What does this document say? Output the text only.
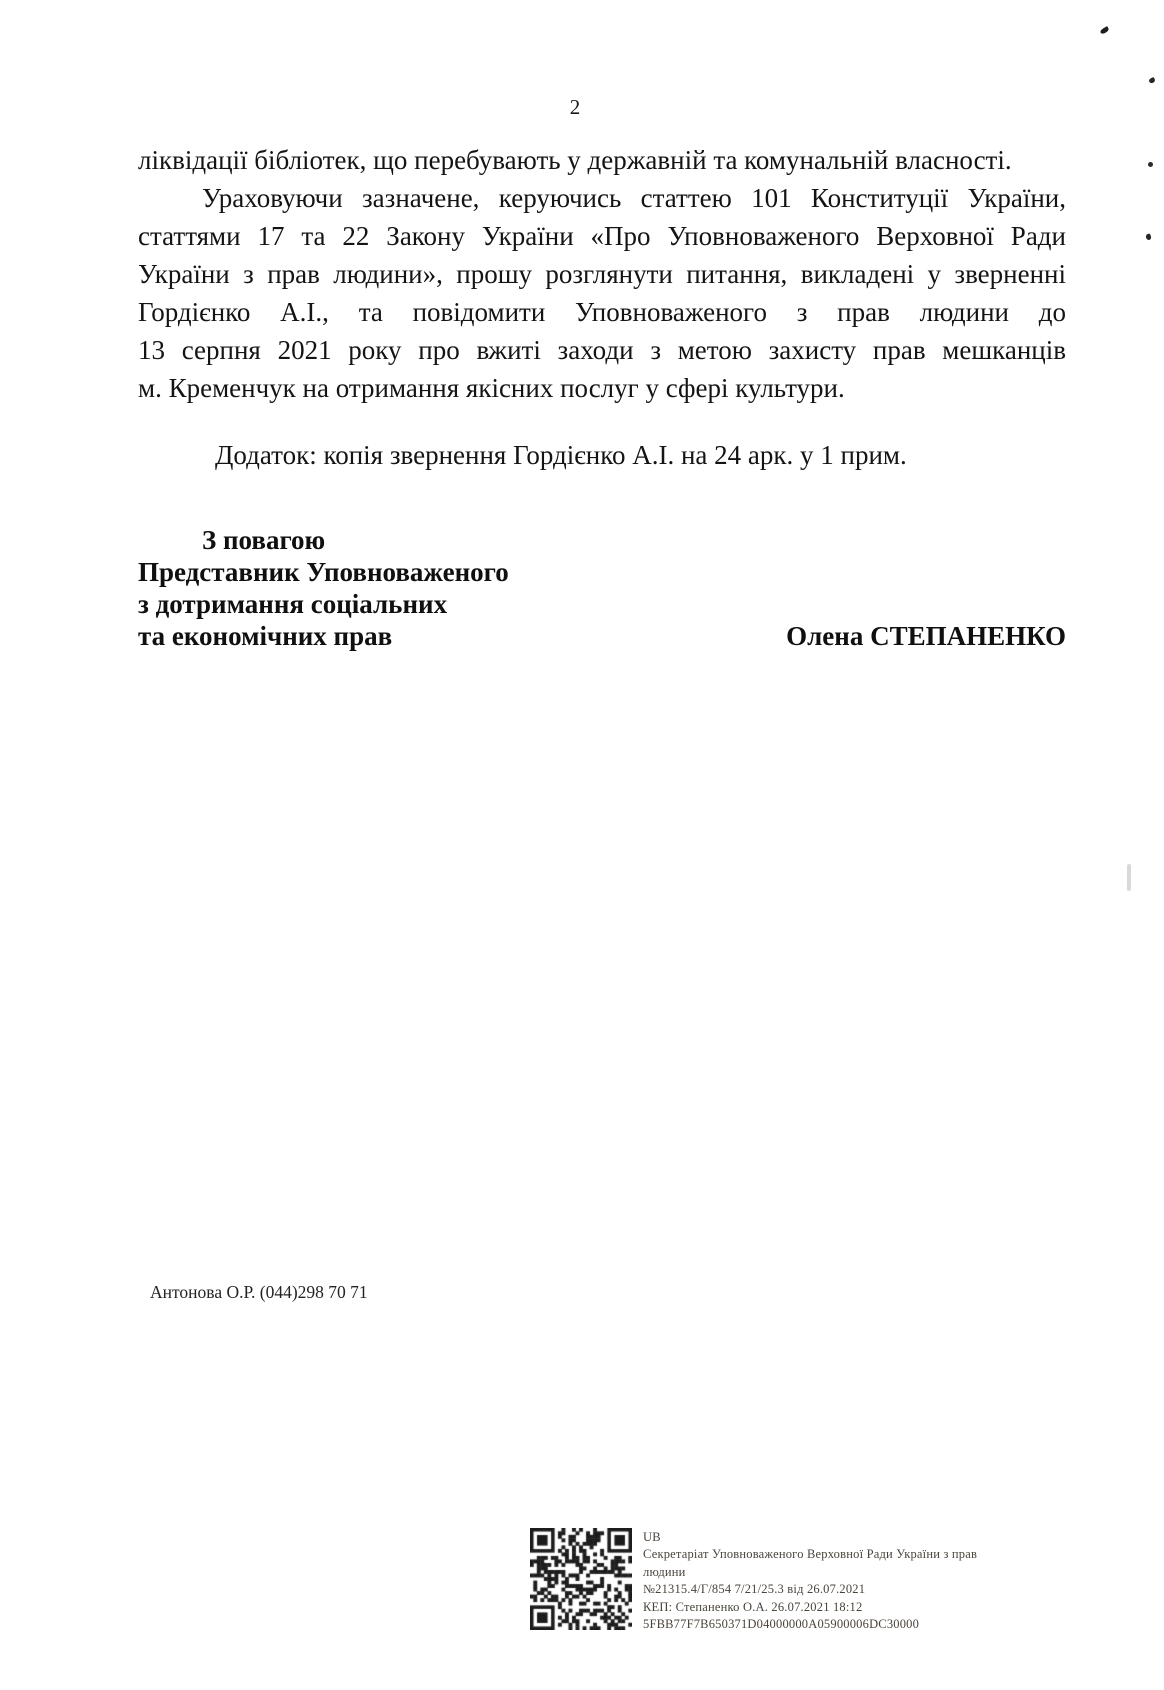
2
ліквідації бібліотек, що перебувають у державній та комунальній власності.
Ураховуючи зазначене, керуючись статтею 101 Конституції України,
статтями 17 та 22 Закону України «Про Уповноваженого Верховної Ради
України з прав людини», прошу розглянути питання, викладені у зверненні
Гордієнко А.І., та повідомити Уповноваженого з прав людини до
13 серпня 2021 року про вжиті заходи з метою захисту прав мешканців
м. Кременчук на отримання якісних послуг у сфері культури.
Додаток: копія звернення Гордієнко А.І. на 24 арк. у 1 прим.
З повагою
Представник Уповноваженого
з дотримання соціальних
та економічних прав	Олена СТЕПАНЕНКО
Антонова О.Р. (044)298 70 71
UB
Секретаріат Уповноваженого Верховної Ради України з прав
людини
№21315.4/Г/854 7/21/25.3 від 26.07.2021
КЕП: Степаненко О.А. 26.07.2021 18:12
5FBB77F7B650371D04000000A05900006DC30000
